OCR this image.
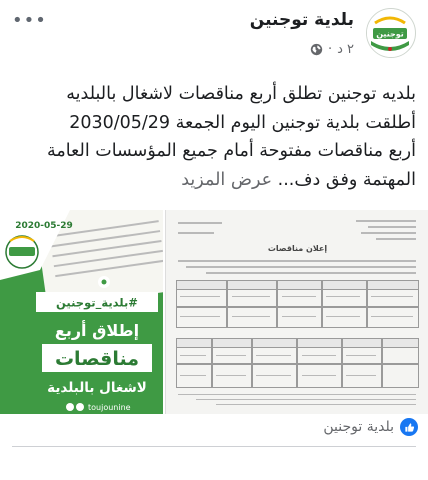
توجنين
بلدية توجنين
٢ د
·
•••
بلديه توجنين تطلق أربع مناقصات لاشغال بالبلديه
أطلقت بلدية توجنين اليوم الجمعة 2030/05/29
أربع مناقصات مفتوحة أمام جميع المؤسسات العامة
المهتمة وفق دف... عرض المزيد
2020-05-29
#بلدية_توجنين
إطلاق أربع
مناقصات
لاشغال بالبلدية
toujounine
إعلان مناقصات
بلدية توجنين
